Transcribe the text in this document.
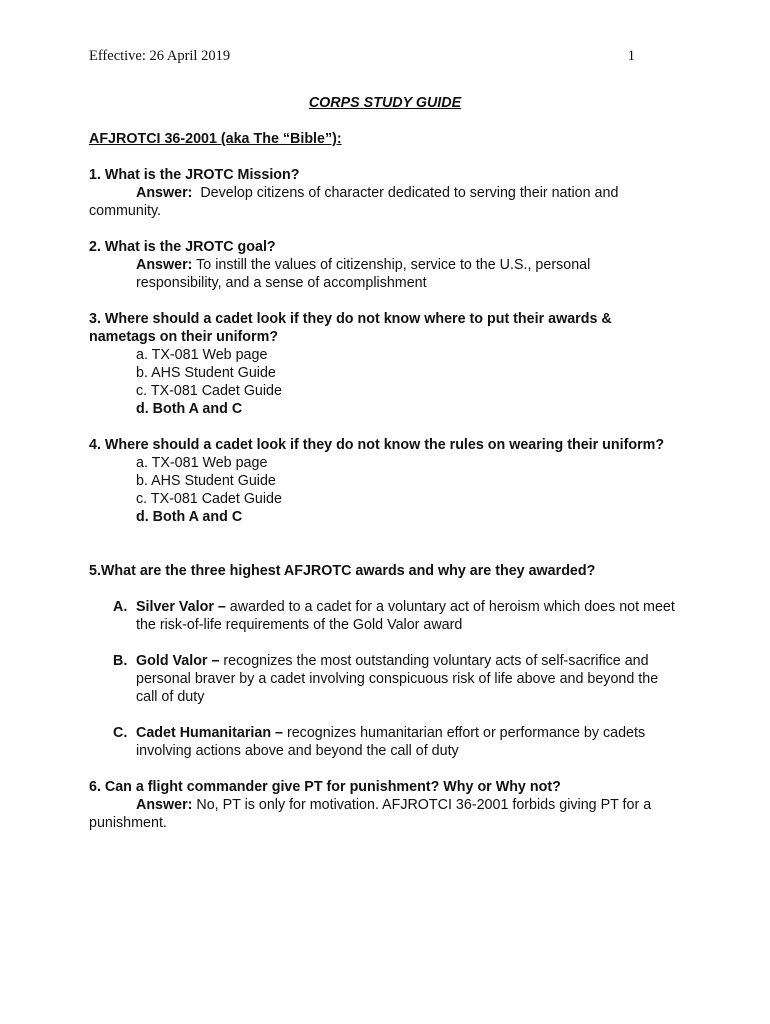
Effective: 26 April 2019	1
CORPS STUDY GUIDE
AFJROTCI 36-2001 (aka The “Bible”):
1. What is the JROTC Mission?
Answer: Develop citizens of character dedicated to serving their nation and community.
2. What is the JROTC goal?
Answer: To instill the values of citizenship, service to the U.S., personal responsibility, and a sense of accomplishment
3. Where should a cadet look if they do not know where to put their awards & nametags on their uniform?
a. TX-081 Web page
b. AHS Student Guide
c. TX-081 Cadet Guide
d. Both A and C
4. Where should a cadet look if they do not know the rules on wearing their uniform?
a. TX-081 Web page
b. AHS Student Guide
c. TX-081 Cadet Guide
d. Both A and C
5.What are the three highest AFJROTC awards and why are they awarded?
A. Silver Valor – awarded to a cadet for a voluntary act of heroism which does not meet the risk-of-life requirements of the Gold Valor award
B. Gold Valor – recognizes the most outstanding voluntary acts of self-sacrifice and personal braver by a cadet involving conspicuous risk of life above and beyond the call of duty
C. Cadet Humanitarian – recognizes humanitarian effort or performance by cadets involving actions above and beyond the call of duty
6. Can a flight commander give PT for punishment? Why or Why not?
Answer: No, PT is only for motivation. AFJROTCI 36-2001 forbids giving PT for a punishment.
